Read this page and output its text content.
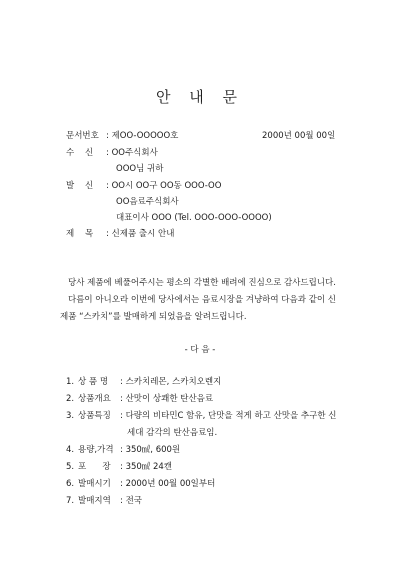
안 내 문
문서번호 : 제OO-OOOOO호	2000년 00월 00일
수    신 : OO주식회사
OOO님 귀하
발    신 : OO시 OO구 OO동 OOO-OO
OO음료주식회사
대표이사 OOO (Tel. OOO-OOO-OOOO)
제    목 : 신제품 출시 안내
당사 제품에 베풀어주시는 평소의 각별한 배려에 진심으로 감사드립니다.
다름이 아니오라 이번에 당사에서는 음료시장을 겨냥하여 다음과 같이 신
제품 “스카치”를 발매하게 되었음을 알려드립니다.
- 다 음 -
1. 상 품 명 : 스카치레몬, 스카치오렌지
2. 상품개요 : 산맛이 상쾌한 탄산음료
3. 상품특징 : 다량의 비타민C 함유, 단맛을 적게 하고 산맛을 추구한 신
세대 감각의 탄산음료임.
4. 용량,가격 : 350㎖, 600원
5. 포      장 : 350㎖ 24캔
6. 발매시기 : 2000년 00월 00일부터
7. 발매지역 : 전국
